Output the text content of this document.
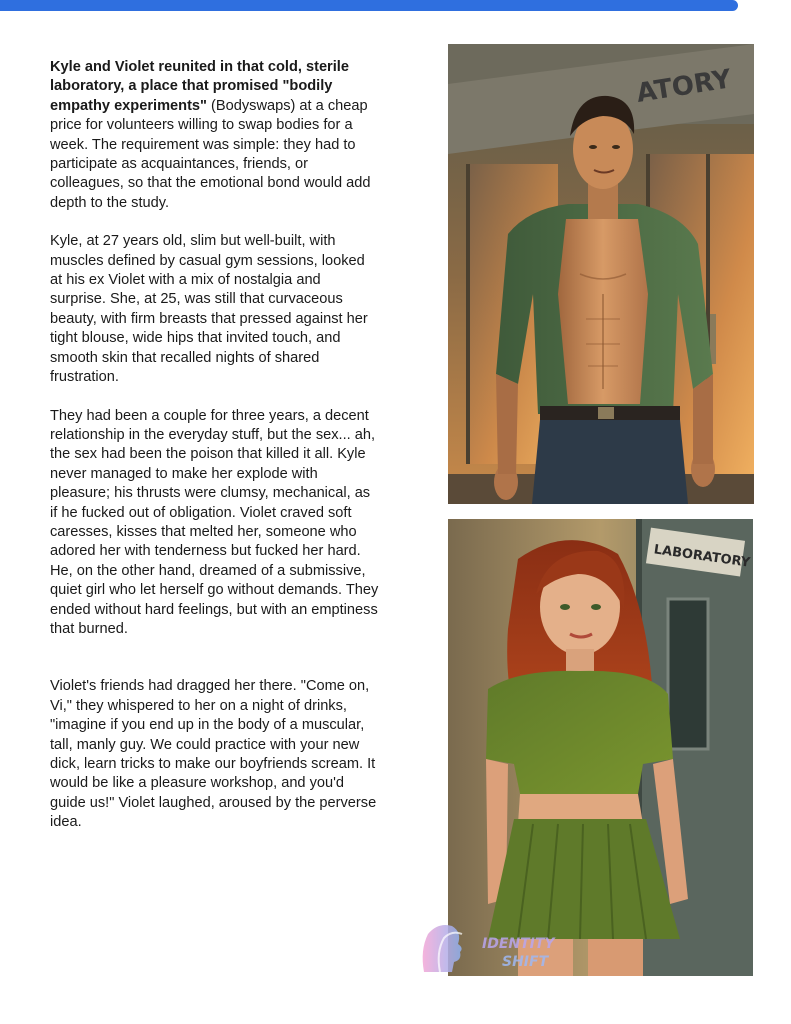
Kyle and Violet reunited in that cold, sterile laboratory, a place that promised "bodily empathy experiments" (Bodyswaps) at a cheap price for volunteers willing to swap bodies for a week. The requirement was simple: they had to participate as acquaintances, friends, or colleagues, so that the emotional bond would add depth to the study.

Kyle, at 27 years old, slim but well-built, with muscles defined by casual gym sessions, looked at his ex Violet with a mix of nostalgia and surprise. She, at 25, was still that curvaceous beauty, with firm breasts that pressed against her tight blouse, wide hips that invited touch, and smooth skin that recalled nights of shared frustration.

They had been a couple for three years, a decent relationship in the everyday stuff, but the sex... ah, the sex had been the poison that killed it all. Kyle never managed to make her explode with pleasure; his thrusts were clumsy, mechanical, as if he fucked out of obligation. Violet craved soft caresses, kisses that melted her, someone who adored her with tenderness but fucked her hard. He, on the other hand, dreamed of a submissive, quiet girl who let herself go without demands. They ended without hard feelings, but with an emptiness that burned.

Violet's friends had dragged her there. "Come on, Vi," they whispered to her on a night of drinks, "imagine if you end up in the body of a muscular, tall, manly guy. We could practice with your new dick, learn tricks to make our boyfriends scream. It would be like a pleasure workshop, and you'd guide us!" Violet laughed, aroused by the perverse idea.

ATORY
LABORATORY
IDENTITY
SHIFT
